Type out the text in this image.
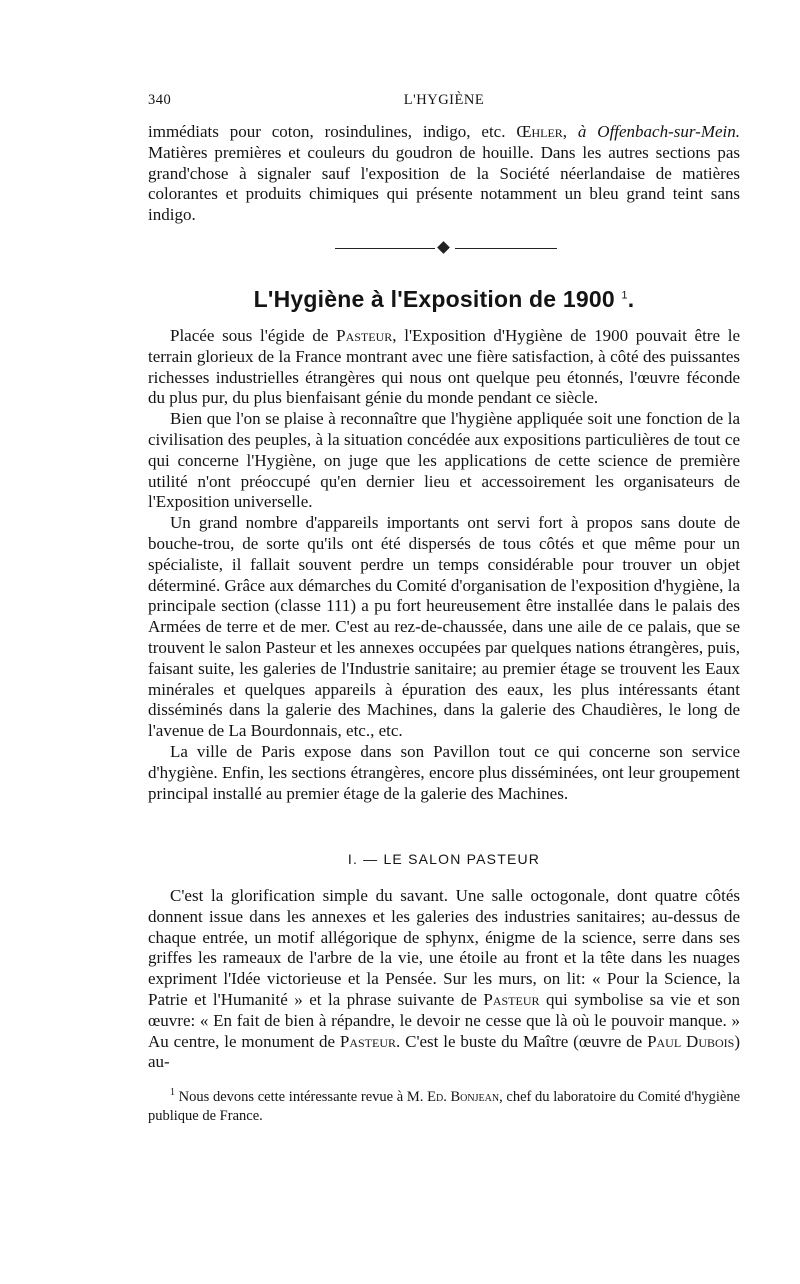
340	L'HYGIÈNE

immédiats pour coton, rosindulines, indigo, etc. Œhler, à Offenbach-sur-Mein. Matières premières et couleurs du goudron de houille. Dans les autres sections pas grand'chose à signaler sauf l'exposition de la Société néerlandaise de matières colorantes et produits chimiques qui présente notamment un bleu grand teint sans indigo.

L'Hygiène à l'Exposition de 1900 $^1$.

Placée sous l'égide de Pasteur, l'Exposition d'Hygiène de 1900 pouvait être le terrain glorieux de la France montrant avec une fière satisfaction, à côté des puissantes richesses industrielles étrangères qui nous ont quelque peu étonnés, l'œuvre féconde du plus pur, du plus bienfaisant génie du monde pendant ce siècle.

Bien que l'on se plaise à reconnaître que l'hygiène appliquée soit une fonction de la civilisation des peuples, à la situation concédée aux expositions particulières de tout ce qui concerne l'Hygiène, on juge que les applications de cette science de première utilité n'ont préoccupé qu'en dernier lieu et accessoirement les organisateurs de l'Exposition universelle.

Un grand nombre d'appareils importants ont servi fort à propos sans doute de bouche-trou, de sorte qu'ils ont été dispersés de tous côtés et que même pour un spécialiste, il fallait souvent perdre un temps considérable pour trouver un objet déterminé. Grâce aux démarches du Comité d'organisation de l'exposition d'hygiène, la principale section (classe 111) a pu fort heureusement être installée dans le palais des Armées de terre et de mer. C'est au rez-de-chaussée, dans une aile de ce palais, que se trouvent le salon Pasteur et les annexes occupées par quelques nations étrangères, puis, faisant suite, les galeries de l'Industrie sanitaire; au premier étage se trouvent les Eaux minérales et quelques appareils à épuration des eaux, les plus intéressants étant disséminés dans la galerie des Machines, dans la galerie des Chaudières, le long de l'avenue de La Bourdonnais, etc., etc.

La ville de Paris expose dans son Pavillon tout ce qui concerne son service d'hygiène. Enfin, les sections étrangères, encore plus disséminées, ont leur groupement principal installé au premier étage de la galerie des Machines.

I. — LE SALON PASTEUR

C'est la glorification simple du savant. Une salle octogonale, dont quatre côtés donnent issue dans les annexes et les galeries des industries sanitaires; au-dessus de chaque entrée, un motif allégorique de sphynx, énigme de la science, serre dans ses griffes les rameaux de l'arbre de la vie, une étoile au front et la tête dans les nuages expriment l'Idée victorieuse et la Pensée. Sur les murs, on lit: « Pour la Science, la Patrie et l'Humanité » et la phrase suivante de Pasteur qui symbolise sa vie et son œuvre: « En fait de bien à répandre, le devoir ne cesse que là où le pouvoir manque. » Au centre, le monument de Pasteur. C'est le buste du Maître (œuvre de Paul Dubois) au-

$^1$ Nous devons cette intéressante revue à M. Ed. Bonjean, chef du laboratoire du Comité d'hygiène publique de France.
